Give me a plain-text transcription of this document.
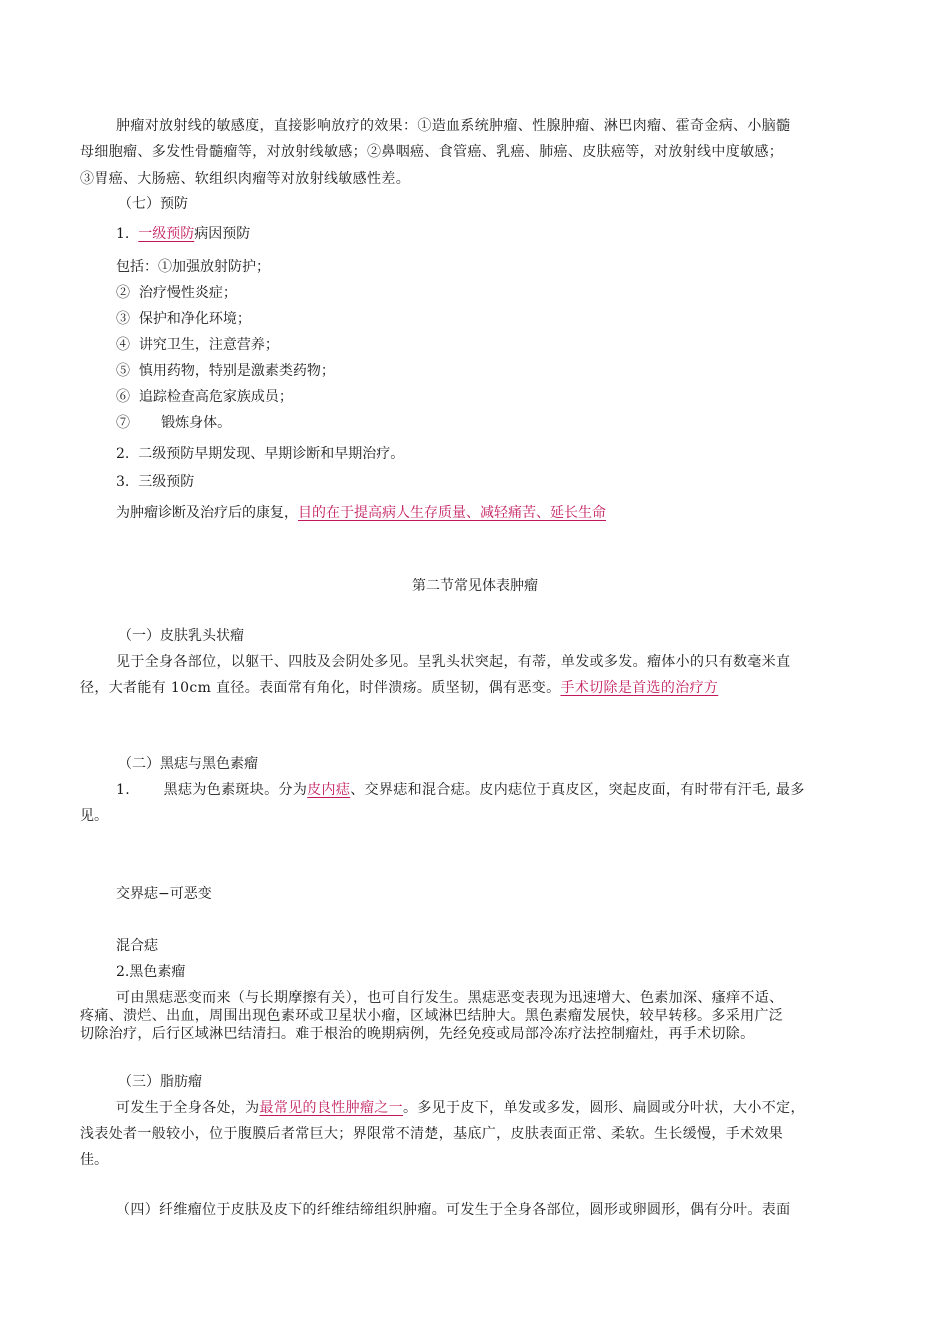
肿瘤对放射线的敏感度，直接影响放疗的效果：①造血系统肿瘤、性腺肿瘤、淋巴肉瘤、霍奇金病、小脑髓
母细胞瘤、多发性骨髓瘤等，对放射线敏感；②鼻咽癌、食管癌、乳癌、肺癌、皮肤癌等，对放射线中度敏感；
③胃癌、大肠癌、软组织肉瘤等对放射线敏感性差。
（七）预防
1. 一级预防病因预防
包括：①加强放射防护；
② 治疗慢性炎症；
③ 保护和净化环境；
④ 讲究卫生，注意营养；
⑤ 慎用药物，特别是激素类药物；
⑥ 追踪检查高危家族成员；
⑦ 锻炼身体。
2. 二级预防早期发现、早期诊断和早期治疗。
3. 三级预防
为肿瘤诊断及治疗后的康复，目的在于提高病人生存质量、减轻痛苦、延长生命
第二节常见体表肿瘤
（一）皮肤乳头状瘤
见于全身各部位，以躯干、四肢及会阴处多见。呈乳头状突起，有蒂，单发或多发。瘤体小的只有数毫米直
径，大者能有 10cm 直径。表面常有角化，时伴溃疡。质坚韧，偶有恶变。手术切除是首选的治疗方
（二）黑痣与黑色素瘤
1. 黑痣为色素斑块。分为皮内痣、交界痣和混合痣。皮内痣位于真皮区，突起皮面，有时带有汗毛, 最多
见。
交界痣−可恶变
混合痣
2.黑色素瘤
可由黑痣恶变而来（与长期摩擦有关），也可自行发生。黑痣恶变表现为迅速增大、色素加深、瘙痒不适、
疼痛、溃烂、出血，周围出现色素环或卫星状小瘤，区域淋巴结肿大。黑色素瘤发展快，较早转移。多采用广泛
切除治疗，后行区域淋巴结清扫。难于根治的晚期病例，先经免疫或局部冷冻疗法控制瘤灶，再手术切除。
（三）脂肪瘤
可发生于全身各处，为最常见的良性肿瘤之一。多见于皮下，单发或多发，圆形、扁圆或分叶状，大小不定，
浅表处者一般较小，位于腹膜后者常巨大；界限常不清楚，基底广，皮肤表面正常、柔软。生长缓慢，手术效果
佳。
（四）纤维瘤位于皮肤及皮下的纤维结缔组织肿瘤。可发生于全身各部位，圆形或卵圆形，偶有分叶。表面
